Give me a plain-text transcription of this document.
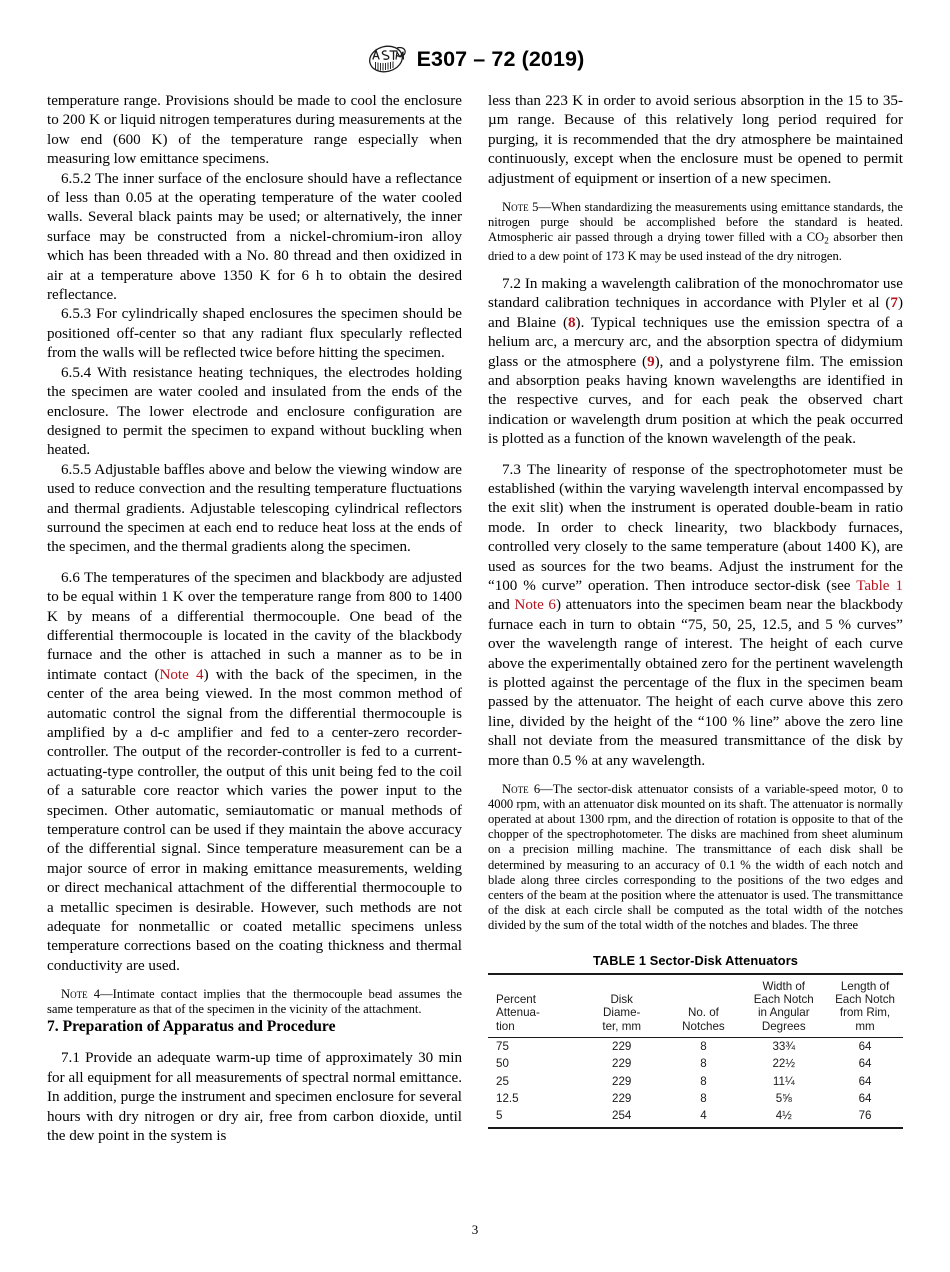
E307 – 72 (2019)

temperature range. Provisions should be made to cool the enclosure to 200 K or liquid nitrogen temperatures during measurements at the low end (600 K) of the temperature range especially when measuring low emittance specimens.

6.5.2 The inner surface of the enclosure should have a reflectance of less than 0.05 at the operating temperature of the water cooled walls. Several black paints may be used; or alternatively, the inner surface may be constructed from a nickel-chromium-iron alloy which has been threaded with a No. 80 thread and then oxidized in air at a temperature above 1350 K for 6 h to obtain the desired reflectance.

6.5.3 For cylindrically shaped enclosures the specimen should be positioned off-center so that any radiant flux specularly reflected from the walls will be reflected twice before hitting the specimen.

6.5.4 With resistance heating techniques, the electrodes holding the specimen are water cooled and insulated from the ends of the enclosure. The lower electrode and enclosure configuration are designed to permit the specimen to expand without buckling when heated.

6.5.5 Adjustable baffles above and below the viewing window are used to reduce convection and the resulting temperature fluctuations and thermal gradients. Adjustable telescoping cylindrical reflectors surround the specimen at each end to reduce heat loss at the ends of the specimen, and the thermal gradients along the specimen.

6.6 The temperatures of the specimen and blackbody are adjusted to be equal within 1 K over the temperature range from 800 to 1400 K by means of a differential thermocouple. One bead of the differential thermocouple is located in the cavity of the blackbody furnace and the other is attached in such a manner as to be in intimate contact (Note 4) with the back of the specimen, in the center of the area being viewed. In the most common method of automatic control the signal from the differential thermocouple is amplified by a d-c amplifier and fed to a center-zero recorder-controller. The output of the recorder-controller is fed to a current-actuating-type controller, the output of this unit being fed to the coil of a saturable core reactor which varies the power input to the specimen. Other automatic, semiautomatic or manual methods of temperature control can be used if they maintain the above accuracy of the differential signal. Since temperature measurement can be a major source of error in making emittance measurements, welding or direct mechanical attachment of the differential thermocouple to a metallic specimen is desirable. However, such methods are not adequate for nonmetallic or coated metallic specimens unless temperature corrections based on the coating thickness and thermal conductivity are used.

Note 4—Intimate contact implies that the thermocouple bead assumes the same temperature as that of the specimen in the vicinity of the attachment.

7. Preparation of Apparatus and Procedure

7.1 Provide an adequate warm-up time of approximately 30 min for all equipment for all measurements of spectral normal emittance. In addition, purge the instrument and specimen enclosure for several hours with dry nitrogen or dry air, free from carbon dioxide, until the dew point in the system is

less than 223 K in order to avoid serious absorption in the 15 to 35-µm range. Because of this relatively long period required for purging, it is recommended that the dry atmosphere be maintained continuously, except when the enclosure must be opened to permit adjustment of equipment or insertion of a new specimen.

Note 5—When standardizing the measurements using emittance standards, the nitrogen purge should be accomplished before the standard is heated. Atmospheric air passed through a drying tower filled with a $CO_2$ absorber then dried to a dew point of 173 K may be used instead of the dry nitrogen.

7.2 In making a wavelength calibration of the monochromator use standard calibration techniques in accordance with Plyler et al (7) and Blaine (8). Typical techniques use the emission spectra of a helium arc, a mercury arc, and the absorption spectra of didymium glass or the atmosphere (9), and a polystyrene film. The emission and absorption peaks having known wavelengths are identified in the respective curves, and for each peak the observed chart indication or wavelength drum position at which the peak occurred is plotted as a function of the known wavelength of the peak.

7.3 The linearity of response of the spectrophotometer must be established (within the varying wavelength interval encompassed by the exit slit) when the instrument is operated double-beam in ratio mode. In order to check linearity, two blackbody furnaces, controlled very closely to the same temperature (about 1400 K), are used as sources for the two beams. Adjust the instrument for the “100 % curve” operation. Then introduce sector-disk (see Table 1 and Note 6) attenuators into the specimen beam near the blackbody furnace each in turn to obtain “75, 50, 25, 12.5, and 5 % curves” over the wavelength range of interest. The height of each curve above the experimentally obtained zero for the pertinent wavelength is plotted against the percentage of the flux in the specimen beam passed by the attenuator. The height of each curve above this zero line, divided by the height of the “100 % line” above the zero line shall not deviate from the measured transmittance of the disk by more than 0.5 % at any wavelength.

Note 6—The sector-disk attenuator consists of a variable-speed motor, 0 to 4000 rpm, with an attenuator disk mounted on its shaft. The attenuator is normally operated at about 1300 rpm, and the direction of rotation is opposite to that of the chopper of the spectrophotometer. The disks are machined from sheet aluminum on a precision milling machine. The transmittance of each disk shall be determined by measuring to an accuracy of 0.1 % the width of each notch and blade along three circles corresponding to the positions of the two edges and centers of the beam at the position where the attenuator is used. The transmittance of the disk at each circle shall be computed as the total width of the notches divided by the sum of the total width of the notches and blades. The three

TABLE 1 Sector-Disk Attenuators
Percent
Attenua-
tion	Disk
Diame-
ter, mm	No. of
Notches	Width of
Each Notch
in Angular
Degrees	Length of
Each Notch
from Rim,
mm

75	229	8	33¾	64
50	229	8	22½	64
25	229	8	11¼	64
12.5	229	8	5⅝	64
5	254	4	4½	76
3
